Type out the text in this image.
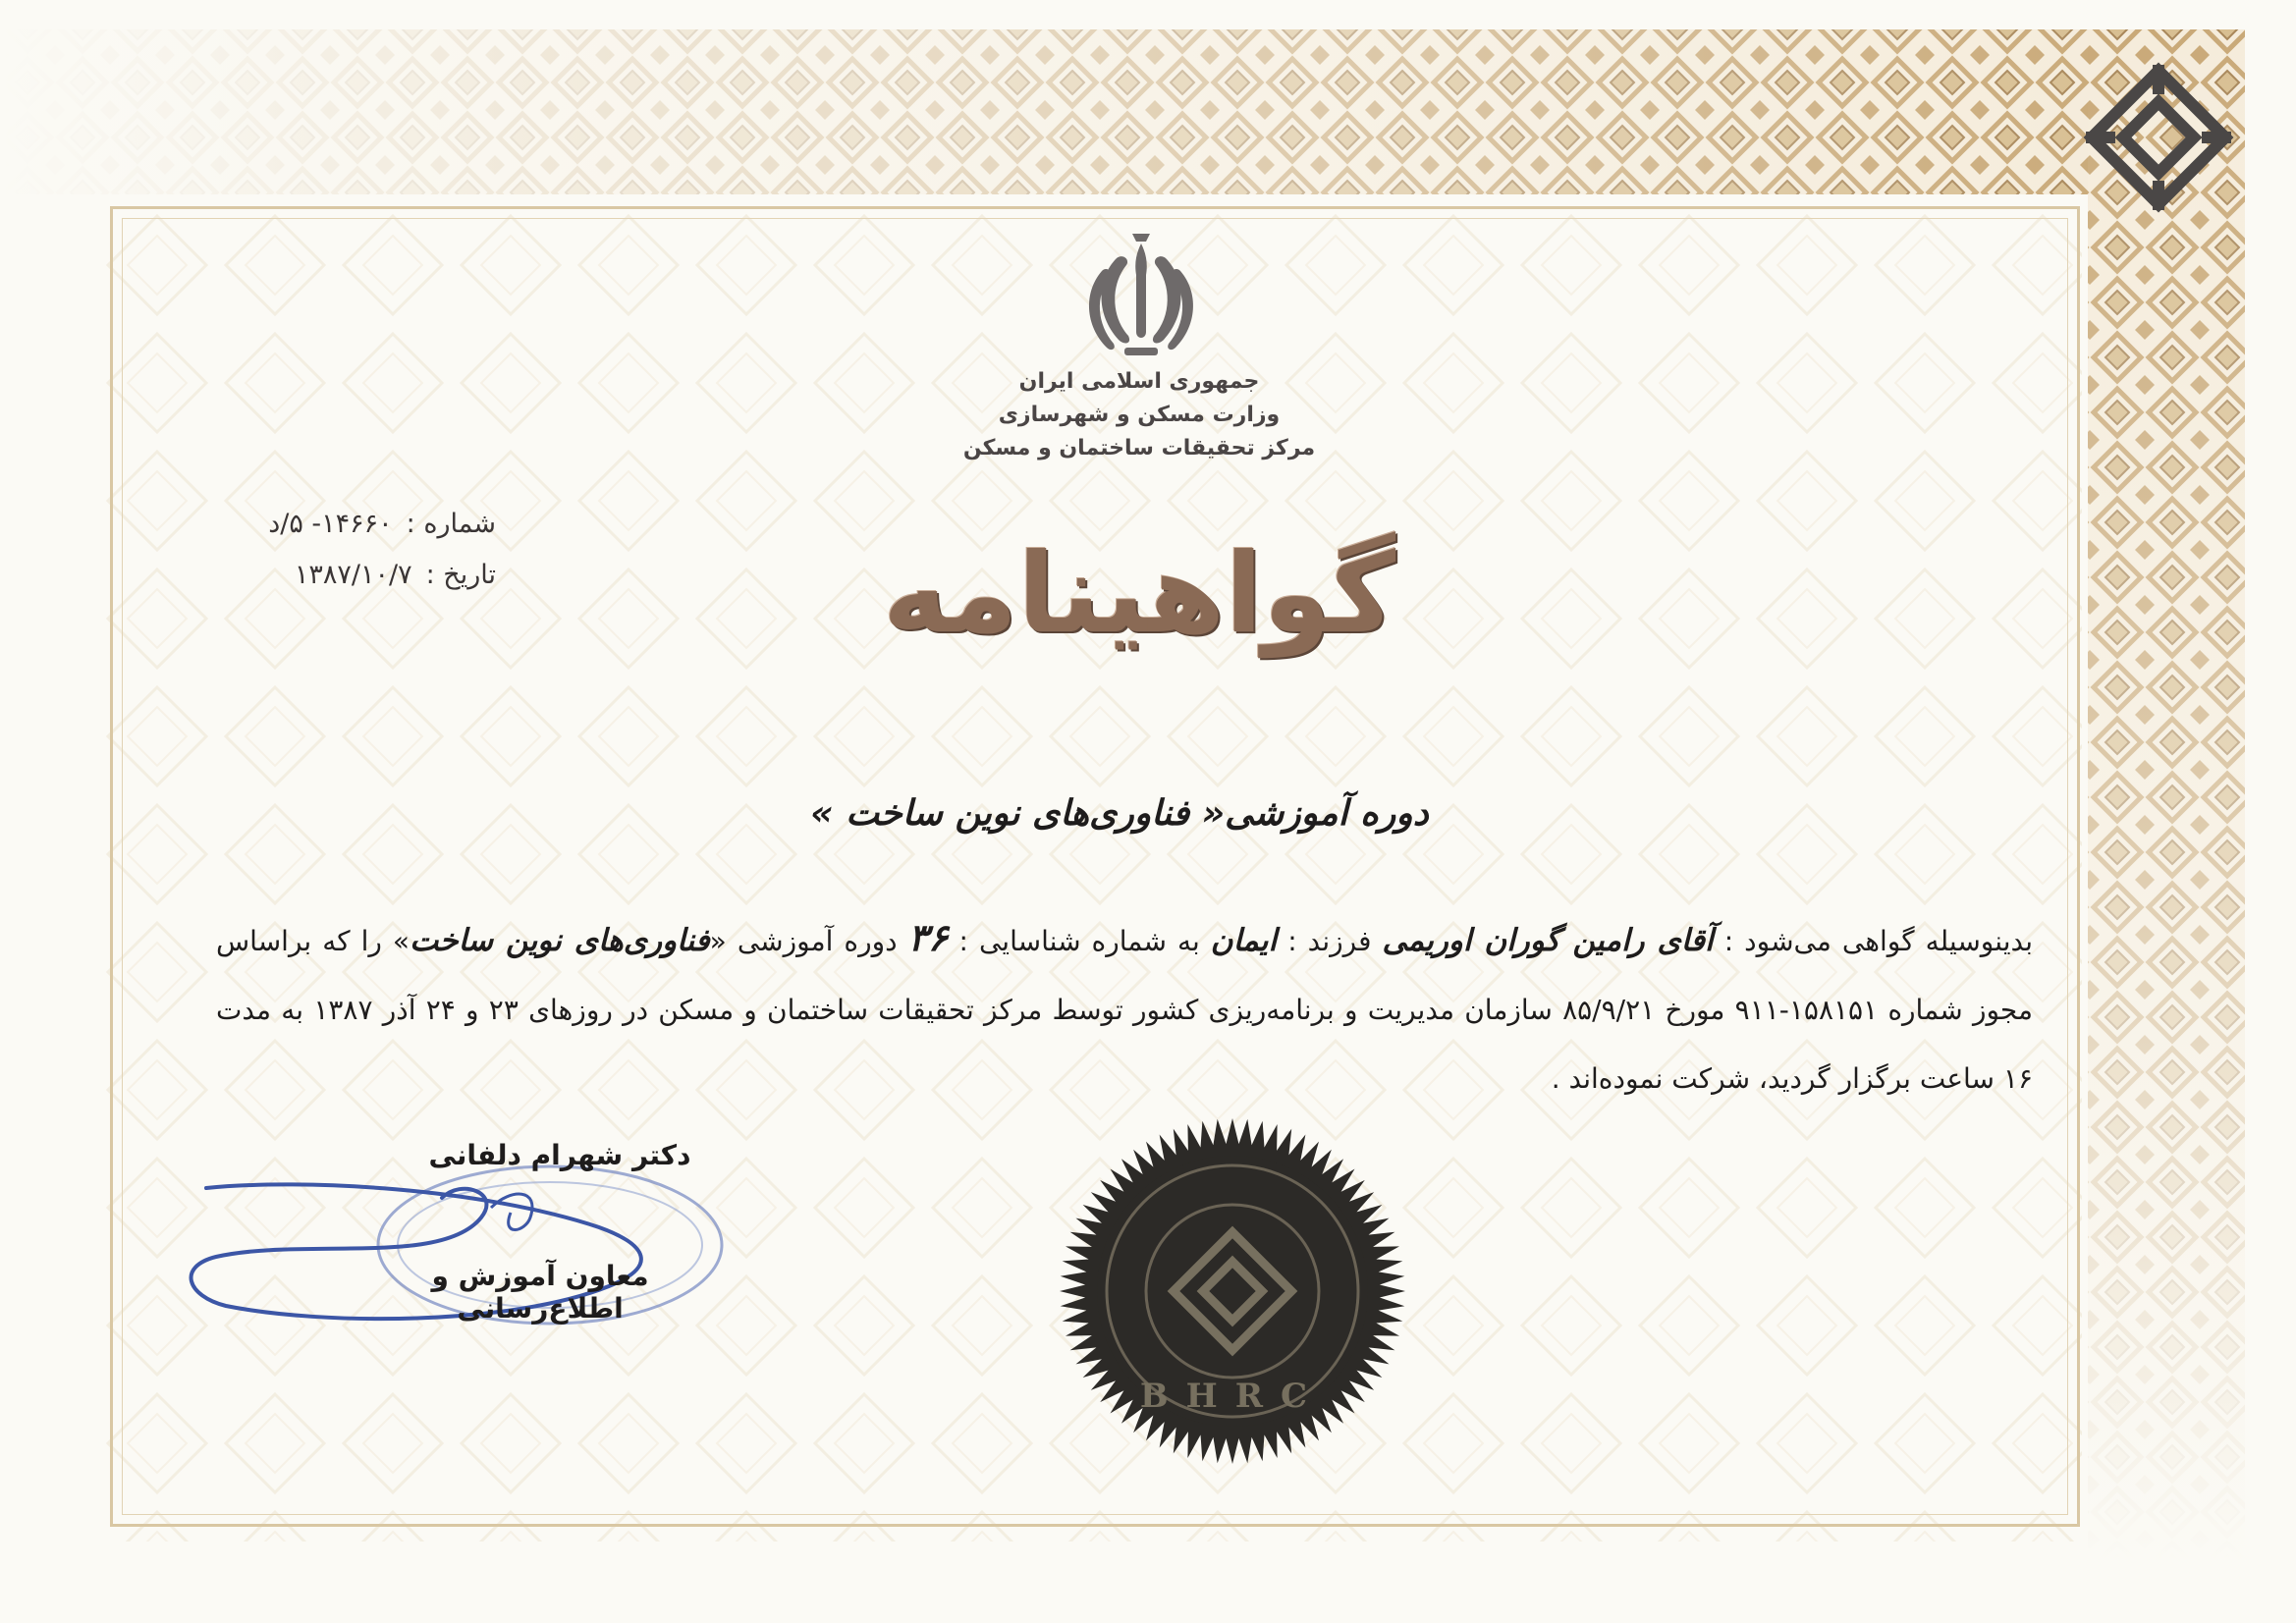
جمهوری اسلامی ایران
وزارت مسکن و شهرسازی
مرکز تحقیقات ساختمان و مسکن
شماره :
۱۴۶۶۰- ۵/د
تاریخ :
۱۳۸۷/۱۰/۷	گواهینامه
دوره آموزشی« فناوری‌های نوین ساخت »
بدینوسیله گواهی می‌شود : آقای رامین گوران اوریمی فرزند : ایمان به شماره شناسایی : ۳۶ دوره آموزشی «فناوری‌های نوین ساخت» را که براساس مجوز شماره ۱۵۸۱۵۱-۹۱۱ مورخ ۸۵/۹/۲۱ سازمان مدیریت و برنامه‌ریزی کشور توسط مرکز تحقیقات ساختمان و مسکن در روزهای ۲۳ و ۲۴ آذر ۱۳۸۷ به مدت ۱۶ ساعت برگزار گردید، شرکت نموده‌اند .
دکتر شهرام دلفانی
معاون آموزش و اطلاع‌رسانی
BHRC
